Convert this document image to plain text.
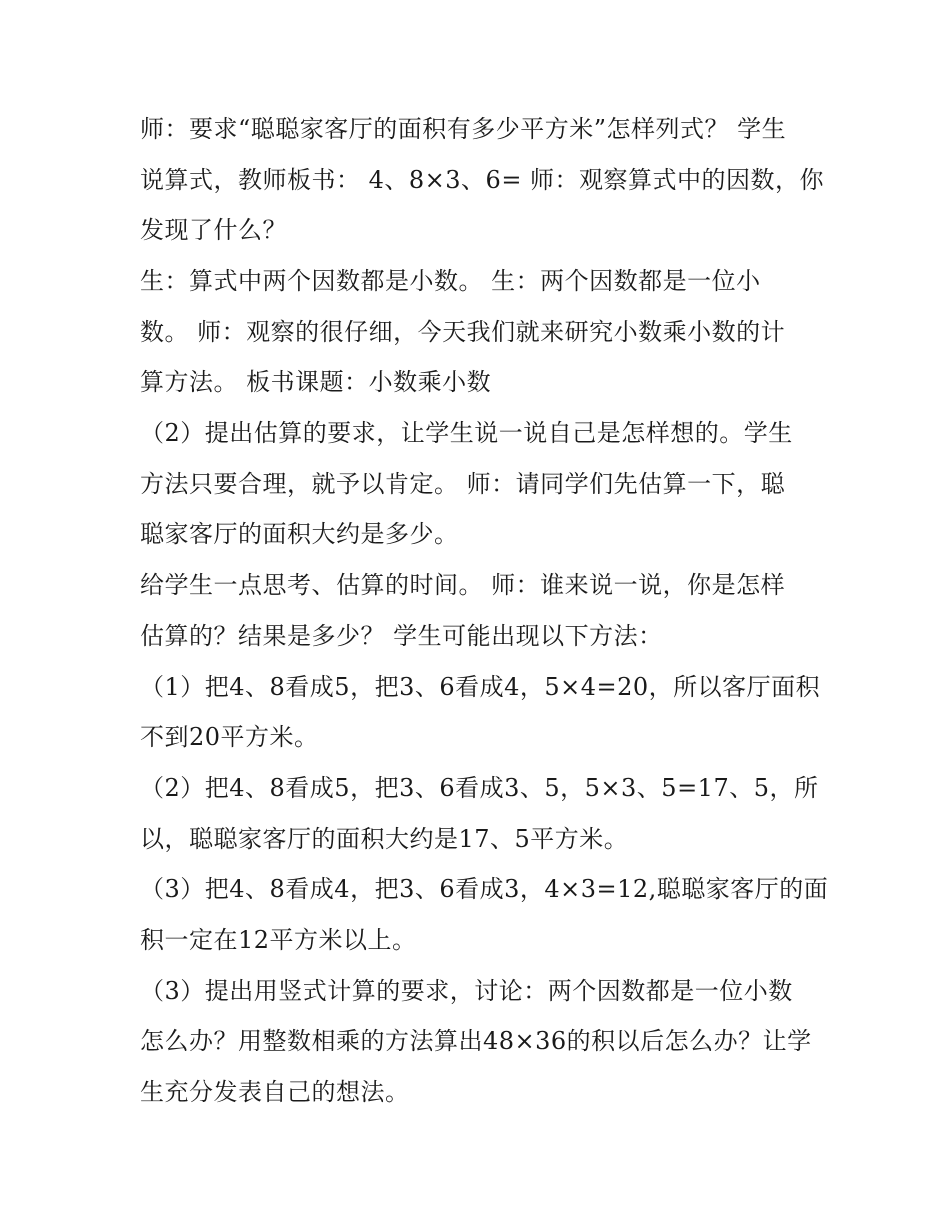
师：要求“聪聪家客厅的面积有多少平方米”怎样列式？ 学生
说算式，教师板书： 4、8×3、6= 师：观察算式中的因数，你
发现了什么？
生：算式中两个因数都是小数。 生：两个因数都是一位小
数。 师：观察的很仔细，今天我们就来研究小数乘小数的计
算方法。 板书课题：小数乘小数
（2）提出估算的要求，让学生说一说自己是怎样想的。学生
方法只要合理，就予以肯定。 师：请同学们先估算一下，聪
聪家客厅的面积大约是多少。
给学生一点思考、估算的时间。 师：谁来说一说，你是怎样
估算的？结果是多少？ 学生可能出现以下方法：
（1）把4、8看成5，把3、6看成4，5×4=20，所以客厅面积
不到20平方米。
（2）把4、8看成5，把3、6看成3、5，5×3、5=17、5，所
以，聪聪家客厅的面积大约是17、5平方米。
（3）把4、8看成4，把3、6看成3，4×3=12,聪聪家客厅的面
积一定在12平方米以上。
（3）提出用竖式计算的要求，讨论：两个因数都是一位小数
怎么办？用整数相乘的方法算出48×36的积以后怎么办？让学
生充分发表自己的想法。
